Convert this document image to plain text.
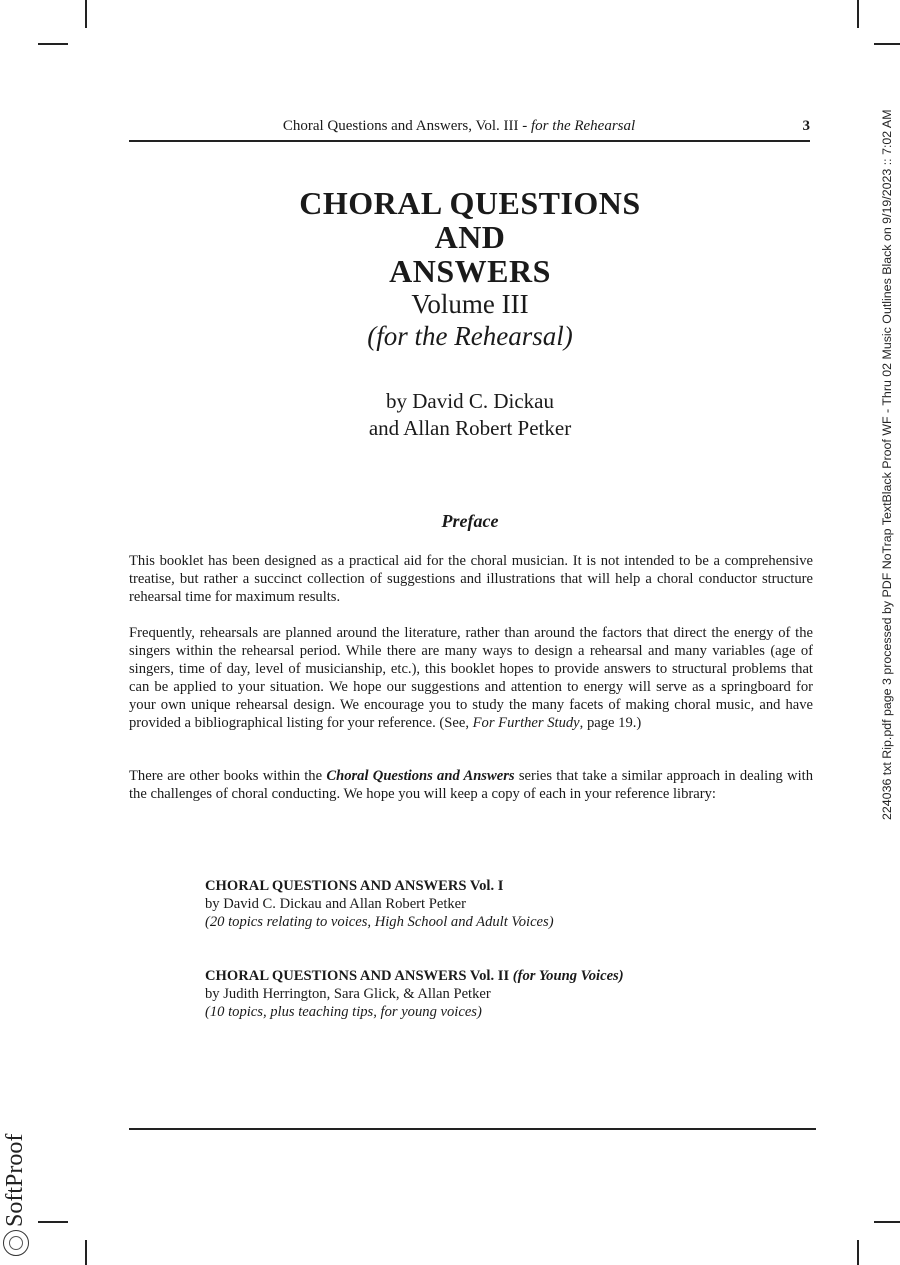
Choral Questions and Answers, Vol. III - for the Rehearsal	3
CHORAL QUESTIONS
AND
ANSWERS
Volume III
(for the Rehearsal)
by David C. Dickau
and Allan Robert Petker
Preface
This booklet has been designed as a practical aid for the choral musician. It is not intended to be a comprehensive treatise, but rather a succinct collection of suggestions and illustrations that will help a choral conductor structure rehearsal time for maximum results.
Frequently, rehearsals are planned around the literature, rather than around the factors that direct the energy of the singers within the rehearsal period. While there are many ways to design a rehearsal and many variables (age of singers, time of day, level of musicianship, etc.), this booklet hopes to provide answers to structural problems that can be applied to your situation. We hope our suggestions and attention to energy will serve as a springboard for your own unique rehearsal design. We encourage you to study the many facets of making choral music, and have provided a bibliographical listing for your reference. (See, For Further Study, page 19.)
There are other books within the Choral Questions and Answers series that take a similar approach in dealing with the challenges of choral conducting. We hope you will keep a copy of each in your reference library:
CHORAL QUESTIONS AND ANSWERS Vol. I
by David C. Dickau and Allan Robert Petker
(20 topics relating to voices, High School and Adult Voices)
CHORAL QUESTIONS AND ANSWERS Vol. II (for Young Voices)
by Judith Herrington, Sara Glick, & Allan Petker
(10 topics, plus teaching tips, for young voices)
224036 txt Rip.pdf page 3 processed by PDF NoTrap TextBlack Proof WF - Thru 02 Music Outlines Black on 9/19/2023 :: 7:02 AM
SoftProof
